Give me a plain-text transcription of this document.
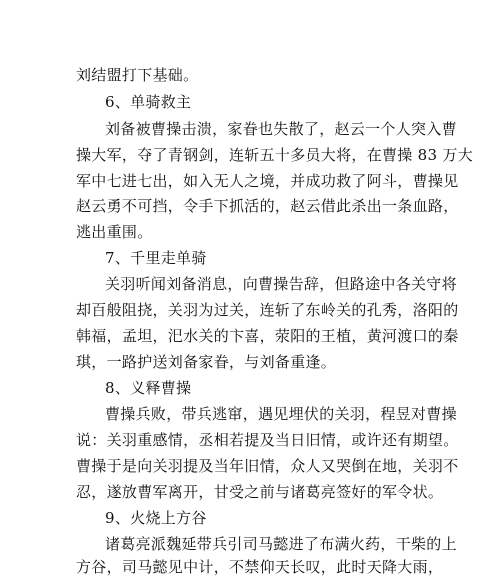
刘结盟打下基础。
6、单骑救主
刘备被曹操击溃，家眷也失散了，赵云一个人突入曹
操大军，夺了青钢剑，连斩五十多员大将，在曹操 83 万大
军中七进七出，如入无人之境，并成功救了阿斗，曹操见
赵云勇不可挡，令手下抓活的，赵云借此杀出一条血路，
逃出重围。
7、千里走单骑
关羽听闻刘备消息，向曹操告辞，但路途中各关守将
却百般阻挠，关羽为过关，连斩了东岭关的孔秀，洛阳的
韩福，孟坦，汜水关的卞喜，荥阳的王植，黄河渡口的秦
琪，一路护送刘备家眷，与刘备重逢。
8、义释曹操
曹操兵败，带兵逃窜，遇见埋伏的关羽，程昱对曹操
说：关羽重感情，丞相若提及当日旧情，或许还有期望。
曹操于是向关羽提及当年旧情，众人又哭倒在地，关羽不
忍，遂放曹军离开，甘受之前与诸葛亮签好的军令状。
9、火烧上方谷
诸葛亮派魏延带兵引司马懿进了布满火药，干柴的上
方谷，司马懿见中计，不禁仰天长叹，此时天降大雨，
